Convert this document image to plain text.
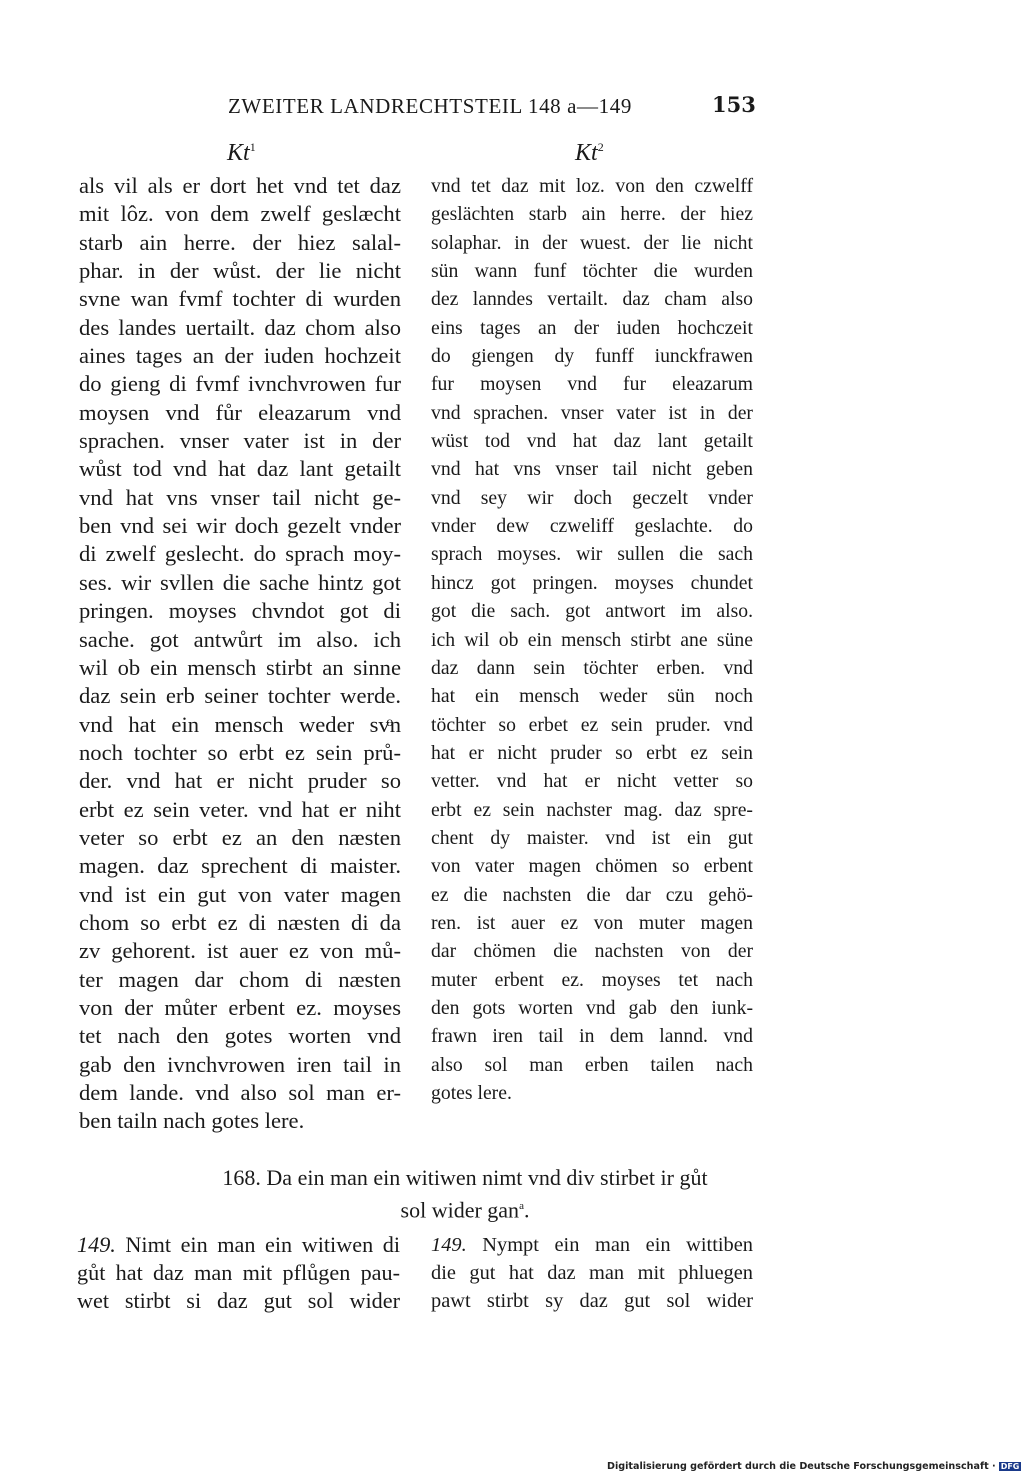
ZWEITER LANDRECHTSTEIL 148 a—149	153
Kt$^1$	Kt$^2$
als vil als er dort het vnd tet daz
mit lôz. von dem zwelf geslæcht
starb ain herre. der hiez salal-
phar. in der wůst. der lie nicht
svne wan fvmf tochter di wurden
des landes uertailt. daz chom also
aines tages an der iuden hochzeit
do gieng di fvmf ivnchvrowen fur
moysen vnd fůr eleazarum vnd
sprachen. vnser vater ist in der
wůst tod vnd hat daz lant getailt
vnd hat vns vnser tail nicht ge-
ben vnd sei wir doch gezelt vnder
di zwelf geslecht. do sprach moy-
ses. wir svllen die sache hintz got
pringen. moyses chvndot got di
sache. got antwůrt im also. ich
wil ob ein mensch stirbt an sinne
daz sein erb seiner tochter werde.
vnd hat ein mensch weder svͦn
noch tochter so erbt ez sein prů-
der. vnd hat er nicht pruder so
erbt ez sein veter. vnd hat er niht
veter so erbt ez an den næsten
magen. daz sprechent di maister.
vnd ist ein gut von vater magen
chom so erbt ez di næsten di da
zv gehorent. ist auer ez von mů-
ter magen dar chom di næsten
von der můter erbent ez. moyses
tet nach den gotes worten vnd
gab den ivnchvrowen iren tail in
dem lande. vnd also sol man er-
ben tailn nach gotes lere.
vnd tet daz mit loz. von den czwelff
geslächten starb ain herre. der hiez
solaphar. in der wuest. der lie nicht
sün wann funf töchter die wurden
dez lanndes vertailt. daz cham also
eins tages an der iuden hochczeit
do giengen dy funff iunckfrawen
fur moysen vnd fur eleazarum
vnd sprachen. vnser vater ist in der
wüst tod vnd hat daz lant getailt
vnd hat vns vnser tail nicht geben
vnd sey wir doch geczelt vnder
vnder dew czweliff geslachte. do
sprach moyses. wir sullen die sach
hincz got pringen. moyses chundet
got die sach. got antwort im also.
ich wil ob ein mensch stirbt ane süne
daz dann sein töchter erben. vnd
hat ein mensch weder sün noch
töchter so erbet ez sein pruder. vnd
hat er nicht pruder so erbt ez sein
vetter. vnd hat er nicht vetter so
erbt ez sein nachster mag. daz spre-
chent dy maister. vnd ist ein gut
von vater magen chömen so erbent
ez die nachsten die dar czu gehö-
ren. ist auer ez von muter magen
dar chömen die nachsten von der
muter erbent ez. moyses tet nach
den gots worten vnd gab den iunk-
frawn iren tail in dem lannd. vnd
also sol man erben tailen nach
gotes lere.
168. Da ein man ein witiwen nimt vnd div stirbet ir gůt
sol wider gan$^a$.
149. Nimt ein man ein witiwen di
gůt hat daz man mit pflůgen pau-
wet stirbt si daz gut sol wider
149. Nympt ein man ein wittiben
die gut hat daz man mit phluegen
pawt stirbt sy daz gut sol wider
Digitalisierung gefördert durch die Deutsche Forschungsgemeinschaft · DFG
